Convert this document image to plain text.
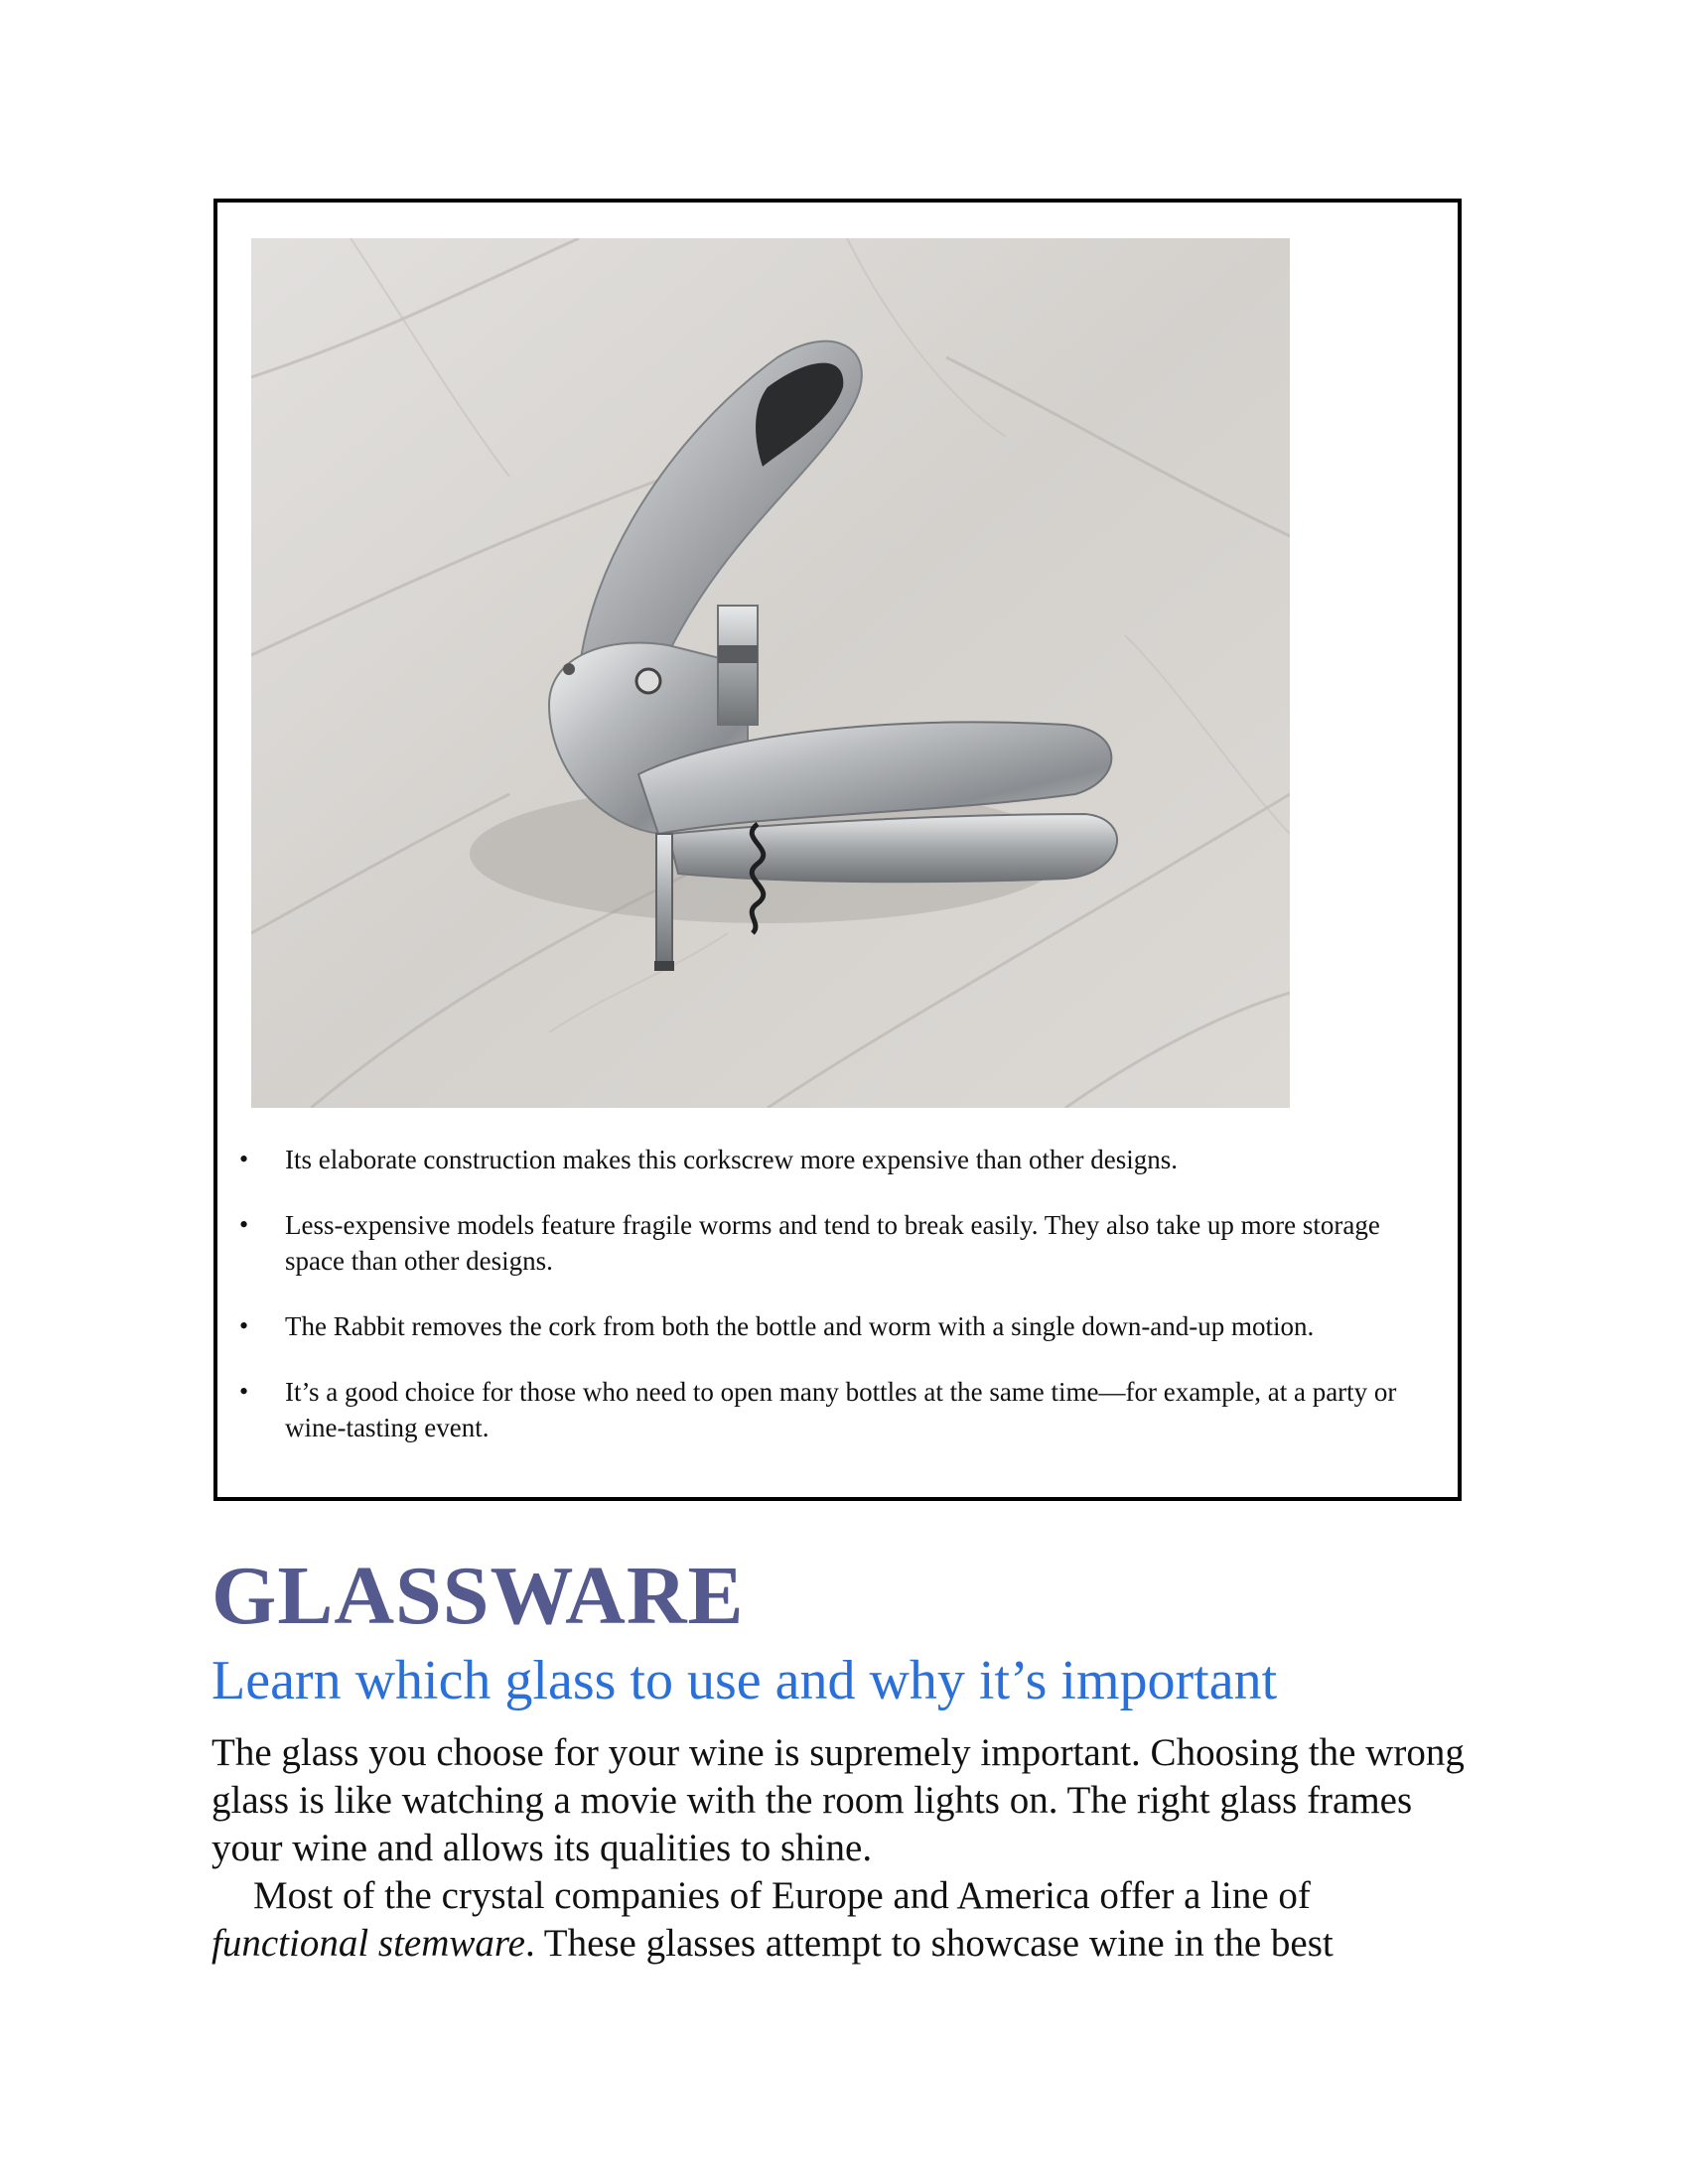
• Its elaborate construction makes this corkscrew more expensive than other designs.
• Less-expensive models feature fragile worms and tend to break easily. They also take up more storage space than other designs.
• The Rabbit removes the cork from both the bottle and worm with a single down-and-up motion.
• It’s a good choice for those who need to open many bottles at the same time—for example, at a party or wine-tasting event.
GLASSWARE
Learn which glass to use and why it’s important

The glass you choose for your wine is supremely important. Choosing the wrong glass is like watching a movie with the room lights on. The right glass frames your wine and allows its qualities to shine.

Most of the crystal companies of Europe and America offer a line of functional stemware. These glasses attempt to showcase wine in the best
